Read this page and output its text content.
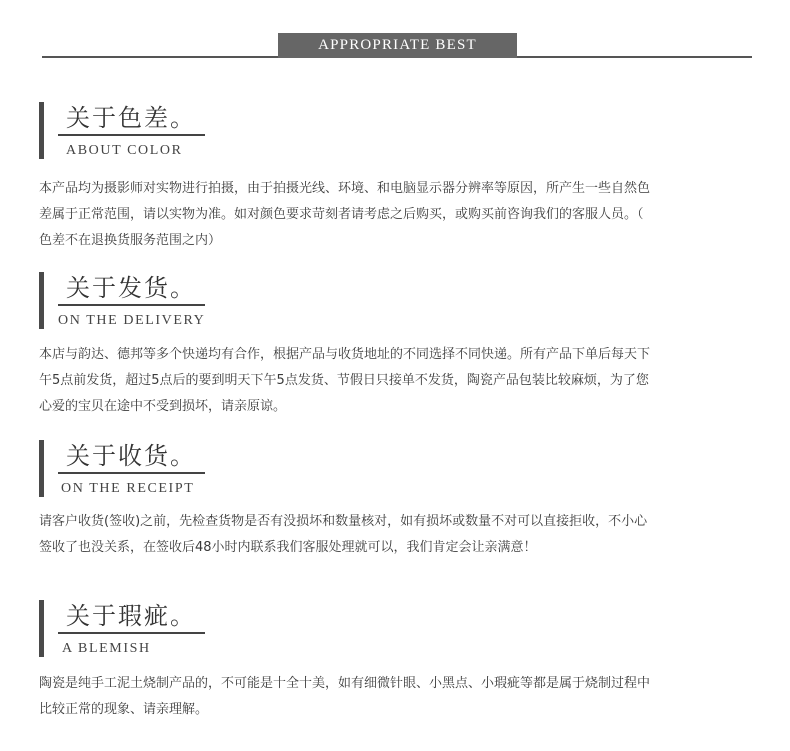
APPROPRIATE BEST
关于色差。
ABOUT COLOR
本产品均为摄影师对实物进行拍摄，由于拍摄光线、环境、和电脑显示器分辨率等原因，所产生一些自然色
差属于正常范围，请以实物为准。如对颜色要求苛刻者请考虑之后购买，或购买前咨询我们的客服人员。（
色差不在退换货服务范围之内）
关于发货。
ON THE DELIVERY
本店与韵达、德邦等多个快递均有合作，根据产品与收货地址的不同选择不同快递。所有产品下单后每天下
午5点前发货，超过5点后的要到明天下午5点发货、节假日只接单不发货，陶瓷产品包装比较麻烦，为了您
心爱的宝贝在途中不受到损坏，请亲原谅。
关于收货。
ON THE RECEIPT
请客户收货(签收)之前，先检查货物是否有没损坏和数量核对，如有损坏或数量不对可以直接拒收，不小心
签收了也没关系，在签收后48小时内联系我们客服处理就可以，我们肯定会让亲满意！
关于瑕疵。
A BLEMISH
陶瓷是纯手工泥土烧制产品的，不可能是十全十美，如有细微针眼、小黑点、小瑕疵等都是属于烧制过程中
比较正常的现象、请亲理解。
